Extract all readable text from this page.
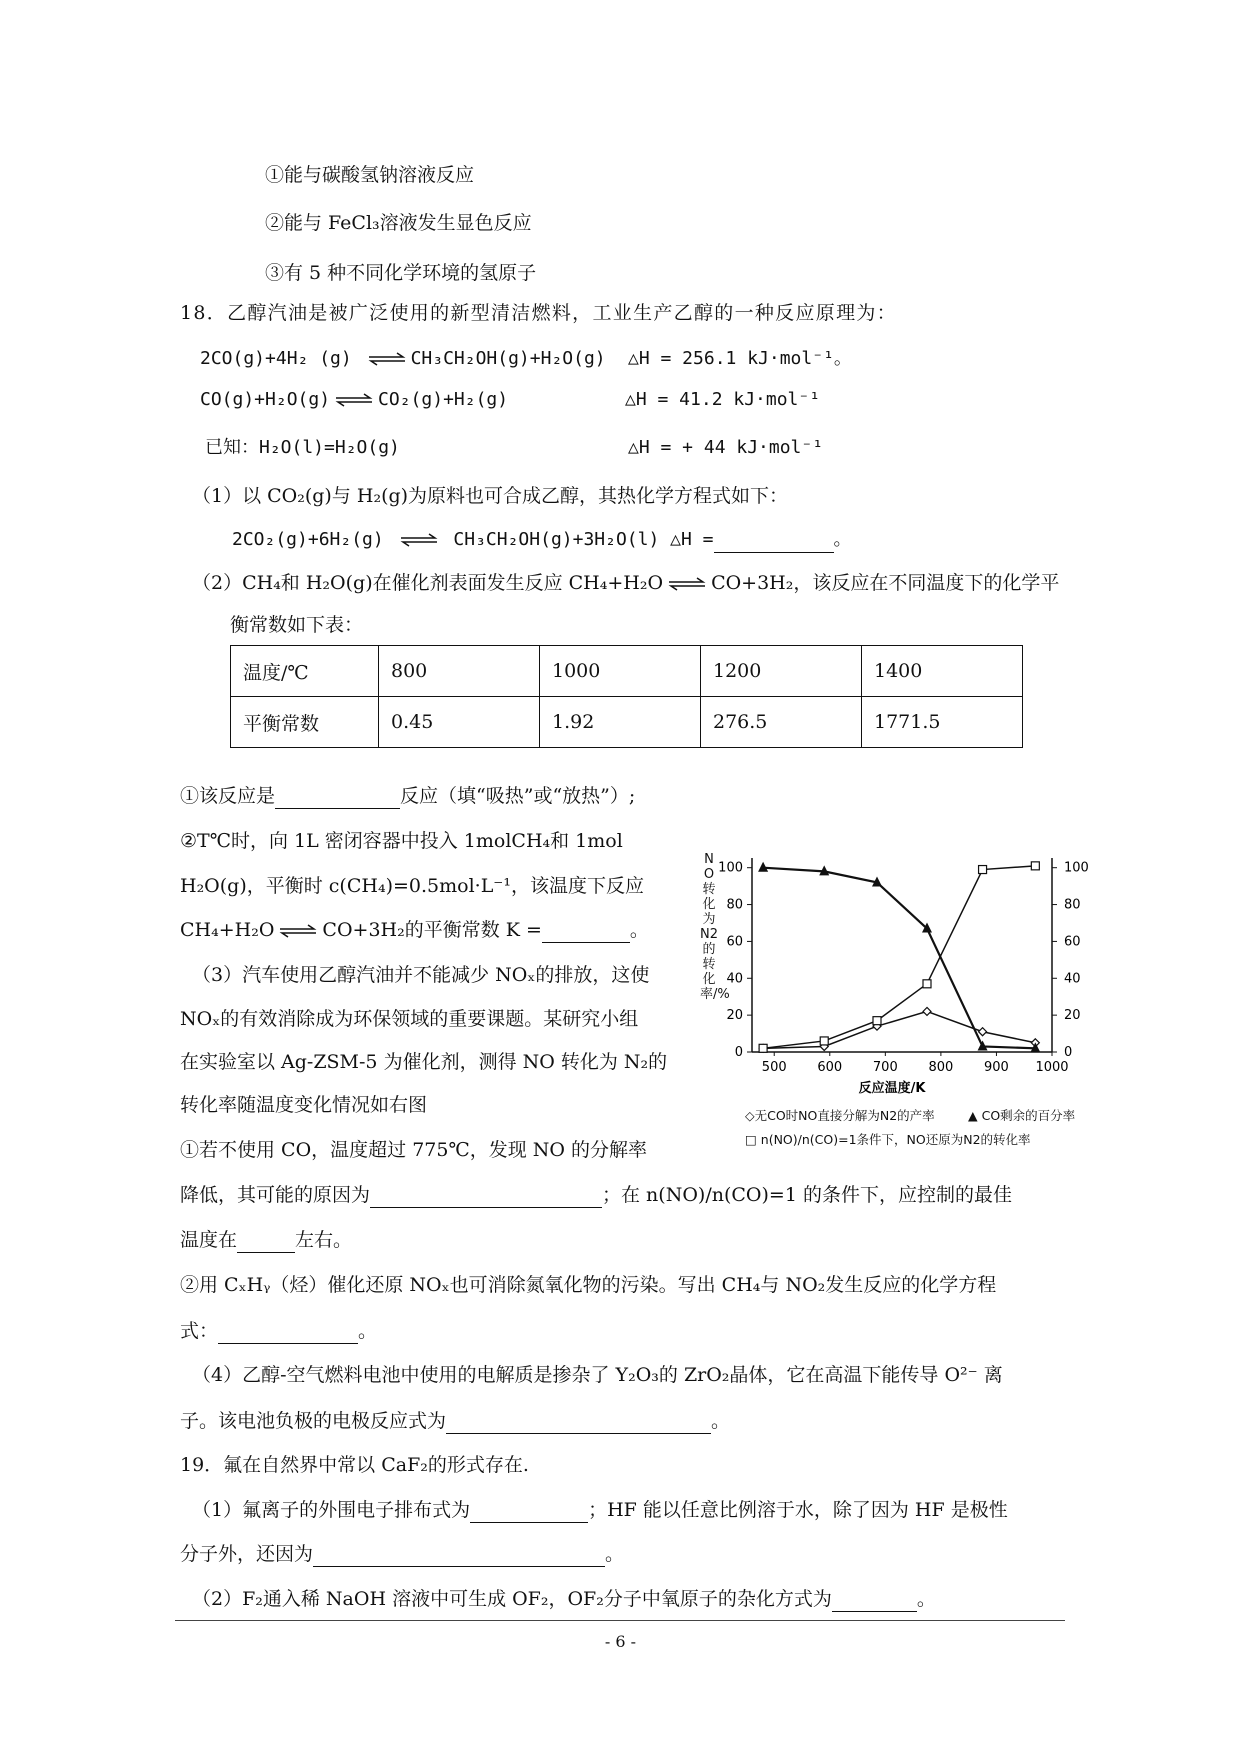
①能与碳酸氢钠溶液反应
②能与 FeCl₃溶液发生显色反应
③有 5 种不同化学环境的氢原子
18．乙醇汽油是被广泛使用的新型清洁燃料，工业生产乙醇的一种反应原理为：
2CO(g)+4H₂ (g) ⇌ CH₃CH₂OH(g)+H₂O(g) △H = 256.1 kJ·mol⁻¹。
CO(g)+H₂O(g) ⇌ CO₂(g)+H₂(g)	△H = 41.2 kJ·mol⁻¹
已知：H₂O(l)=H₂O(g)	△H = + 44 kJ·mol⁻¹
（1）以 CO₂(g)与 H₂(g)为原料也可合成乙醇，其热化学方程式如下：
2CO₂(g)+6H₂(g) ⇌ CH₃CH₂OH(g)+3H₂O(l) △H =	。
（2）CH₄和 H₂O(g)在催化剂表面发生反应 CH₄+H₂O ⇌ CO+3H₂，该反应在不同温度下的化学平
衡常数如下表：
温度/℃	800	1000	1200	1400
平衡常数	0.45	1.92	276.5	1771.5
①该反应是	反应（填“吸热”或“放热”）;
②T℃时，向 1L 密闭容器中投入 1molCH₄和 1mol
H₂O(g)，平衡时 c(CH₄)=0.5mol·L⁻¹，该温度下反应
CH₄+H₂O ⇌ CO+3H₂的平衡常数 K =	。
（3）汽车使用乙醇汽油并不能减少 NOₓ的排放，这使
NOₓ的有效消除成为环保领域的重要课题。某研究小组
在实验室以 Ag-ZSM-5 为催化剂，测得 NO 转化为 N₂的
转化率随温度变化情况如右图
①若不使用 CO，温度超过 775℃，发现 NO 的分解率
降低，其可能的原因为	；在 n(NO)/n(CO)=1 的条件下，应控制的最佳
温度在	左右。
②用 CₓHᵧ（烃）催化还原 NOₓ也可消除氮氧化物的污染。写出 CH₄与 NO₂发生反应的化学方程
式：	。
（4）乙醇-空气燃料电池中使用的电解质是掺杂了 Y₂O₃的 ZrO₂晶体，它在高温下能传导 O²⁻ 离
子。该电池负极的电极反应式为	。
19．氟在自然界中常以 CaF₂的形式存在.
（1）氟离子的外围电子排布式为	；HF 能以任意比例溶于水，除了因为 HF 是极性
分子外，还因为	。
（2）F₂通入稀 NaOH 溶液中可生成 OF₂，OF₂分子中氧原子的杂化方式为	。
NO转化为N2的转化率/%
0	0
20	20
40	40
60	60
80	80
100	100
500 600 700 800 900 1000
反应温度/K
◇无CO时NO直接分解为N2的产率	▲ CO剩余的百分率
□ n(NO)/n(CO)=1条件下，NO还原为N2的转化率
- 6 -
